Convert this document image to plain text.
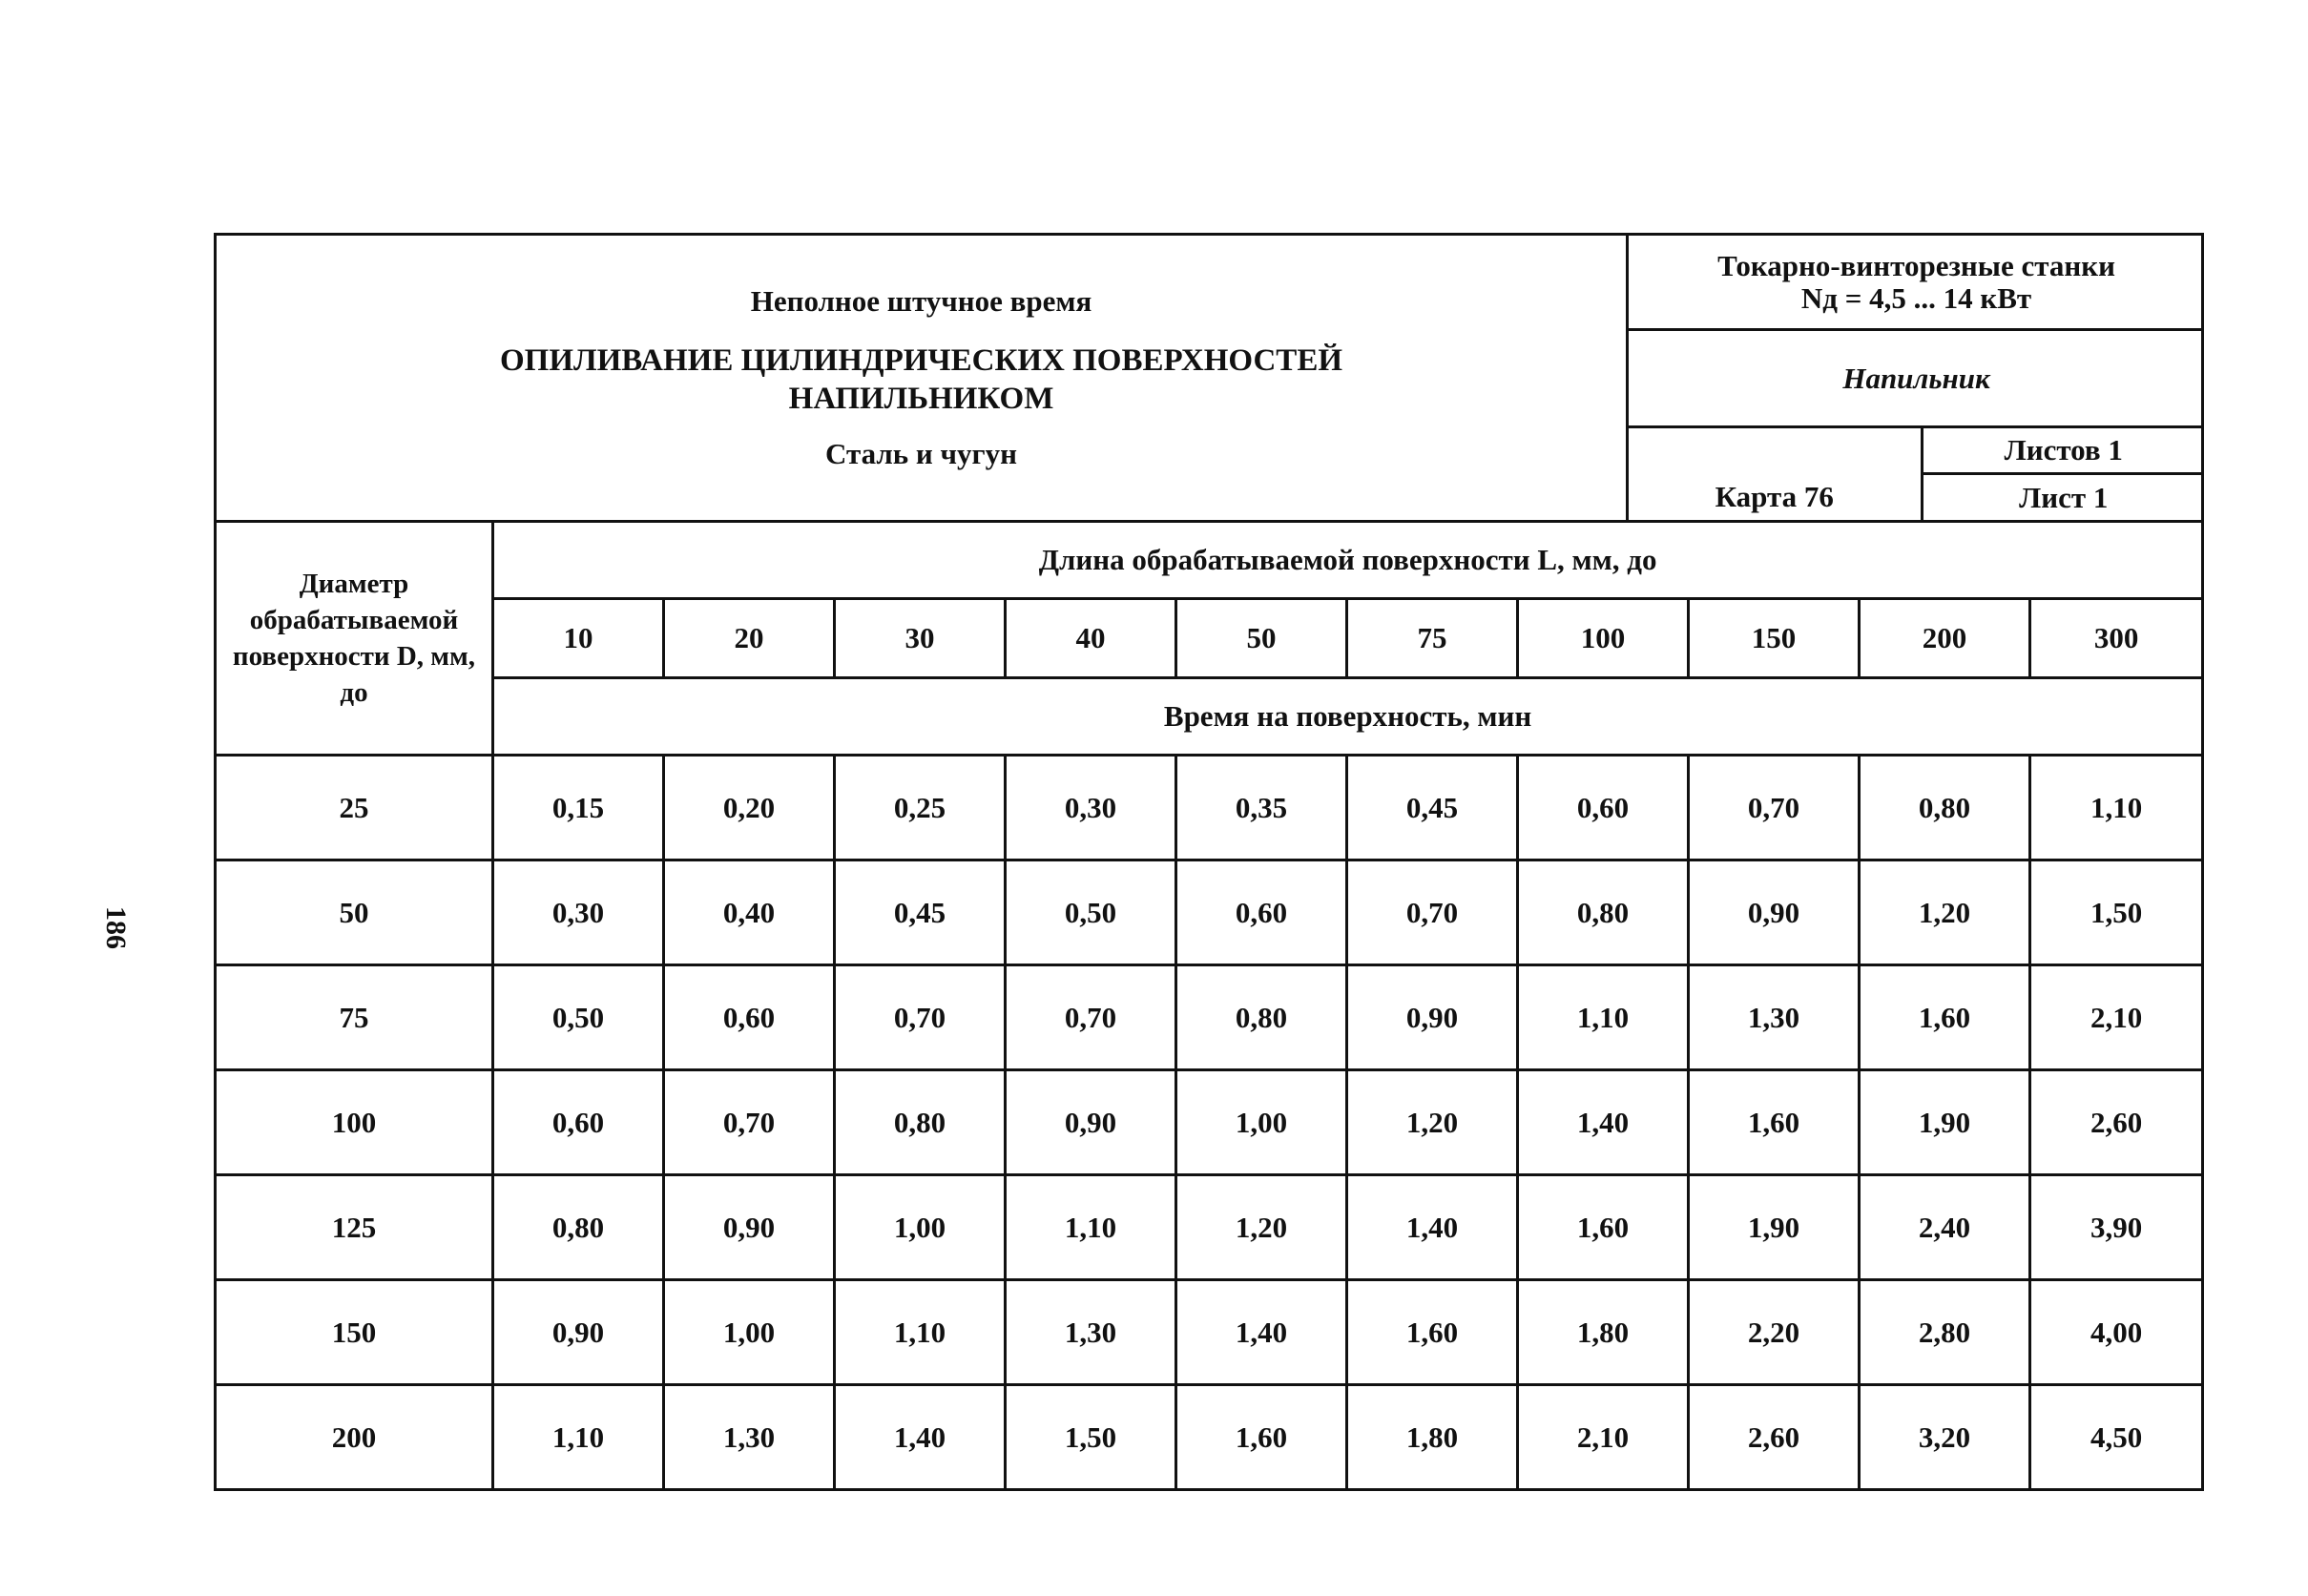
186
Неполное штучное время
ОПИЛИВАНИЕ ЦИЛИНДРИЧЕСКИХ ПОВЕРХНОСТЕЙ
НАПИЛЬНИКОМ
Сталь и чугун

Токарно-винторезные станки
Nд = 4,5 ... 14 кВт

Напильник
Карта 76	Листов 1
Лист 1
Диаметр обрабатываемой поверхности D, мм, до	Длина обрабатываемой поверхности L, мм, до									
	10	20	30	40	50	75	100	150	200	300
	Время на поверхность, мин									
25	0,15	0,20	0,25	0,30	0,35	0,45	0,60	0,70	0,80	1,10
50	0,30	0,40	0,45	0,50	0,60	0,70	0,80	0,90	1,20	1,50
75	0,50	0,60	0,70	0,70	0,80	0,90	1,10	1,30	1,60	2,10
100	0,60	0,70	0,80	0,90	1,00	1,20	1,40	1,60	1,90	2,60
125	0,80	0,90	1,00	1,10	1,20	1,40	1,60	1,90	2,40	3,90
150	0,90	1,00	1,10	1,30	1,40	1,60	1,80	2,20	2,80	4,00
200	1,10	1,30	1,40	1,50	1,60	1,80	2,10	2,60	3,20	4,50
